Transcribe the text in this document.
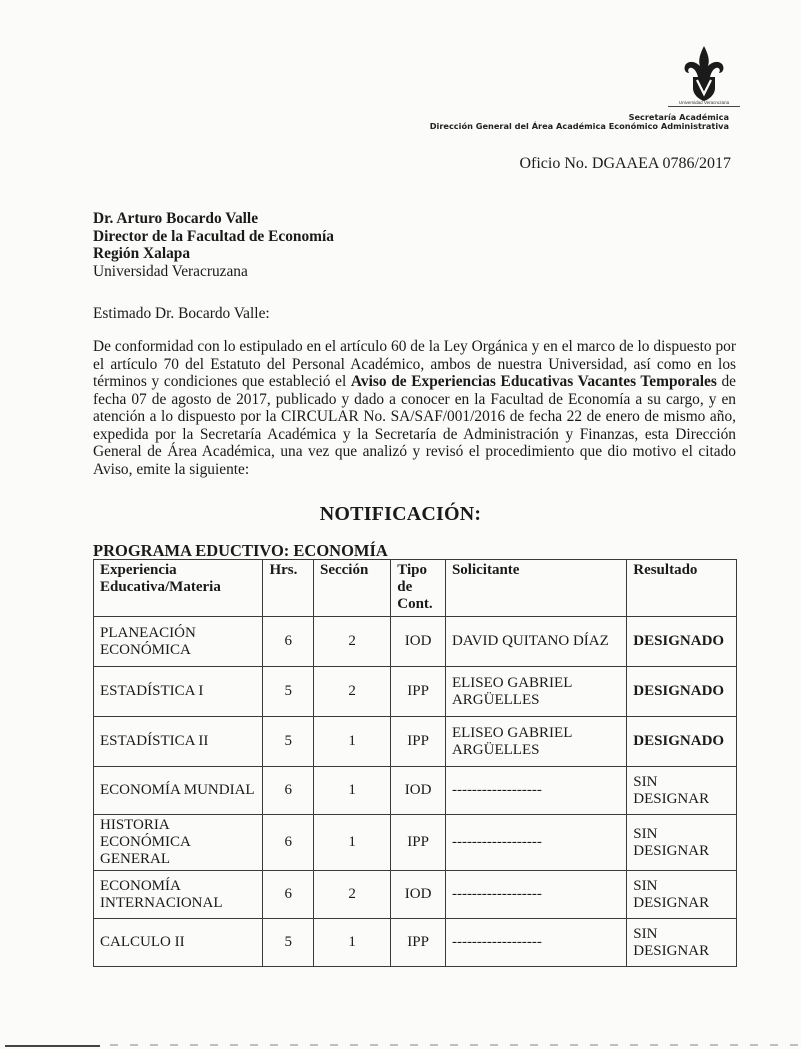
Universidad Veracruzana
Secretaría Académica
Dirección General del Área Académica Económico Administrativa
Oficio No. DGAAEA 0786/2017
Dr. Arturo Bocardo Valle
Director de la Facultad de Economía
Región Xalapa
Universidad Veracruzana
Estimado Dr. Bocardo Valle:
De conformidad con lo estipulado en el artículo 60 de la Ley Orgánica y en el marco de lo dispuesto por el artículo 70 del Estatuto del Personal Académico, ambos de nuestra Universidad, así como en los términos y condiciones que estableció el Aviso de Experiencias Educativas Vacantes Temporales de fecha 07 de agosto de 2017, publicado y dado a conocer en la Facultad de Economía a su cargo, y en atención a lo dispuesto por la CIRCULAR No. SA/SAF/001/2016 de fecha 22 de enero de mismo año, expedida por la Secretaría Académica y la Secretaría de Administración y Finanzas, esta Dirección General de Área Académica, una vez que analizó y revisó el procedimiento que dio motivo el citado Aviso, emite la siguiente:
NOTIFICACIÓN:
PROGRAMA EDUCTIVO: ECONOMÍA
Experiencia Educativa/Materia	Hrs.	Sección	Tipo de Cont.	Solicitante	Resultado
PLANEACIÓN ECONÓMICA	6	2	IOD	DAVID QUITANO DÍAZ	DESIGNADO
ESTADÍSTICA I	5	2	IPP	ELISEO GABRIEL ARGÜELLES	DESIGNADO
ESTADÍSTICA II	5	1	IPP	ELISEO GABRIEL ARGÜELLES	DESIGNADO
ECONOMÍA MUNDIAL	6	1	IOD	------------------	SIN DESIGNAR
HISTORIA ECONÓMICA GENERAL	6	1	IPP	------------------	SIN DESIGNAR
ECONOMÍA INTERNACIONAL	6	2	IOD	------------------	SIN DESIGNAR
CALCULO II	5	1	IPP	------------------	SIN DESIGNAR
